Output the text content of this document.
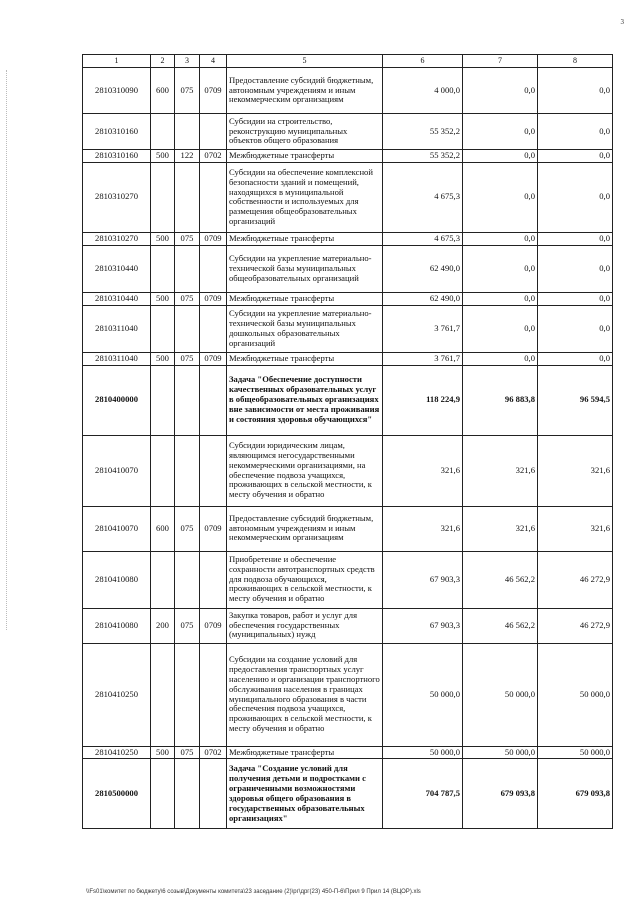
3
1	2	3	4	5	6	7	8
2810310090	600	075	0709	Предоставление субсидий бюджетным, автономным учреждениям и иным некоммерческим организациям	4 000,0	0,0	0,0
2810310160				Субсидии на строительство, реконструкцию муниципальных объектов общего образования	55 352,2	0,0	0,0
2810310160	500	122	0702	Межбюджетные трансферты	55 352,2	0,0	0,0
2810310270				Субсидии на обеспечение комплексной безопасности зданий и помещений, находящихся в муниципальной собственности и используемых для размещения общеобразовательных организаций	4 675,3	0,0	0,0
2810310270	500	075	0709	Межбюджетные трансферты	4 675,3	0,0	0,0
2810310440				Субсидии на укрепление материально-технической базы муниципальных общеобразовательных организаций	62 490,0	0,0	0,0
2810310440	500	075	0709	Межбюджетные трансферты	62 490,0	0,0	0,0
2810311040				Субсидии на укрепление материально-технической базы муниципальных дошкольных образовательных организаций	3 761,7	0,0	0,0
2810311040	500	075	0709	Межбюджетные трансферты	3 761,7	0,0	0,0
2810400000				Задача "Обеспечение доступности качественных образовательных услуг в общеобразовательных организациях вне зависимости от места проживания и состояния здоровья обучающихся"	118 224,9	96 883,8	96 594,5
2810410070				Субсидии юридическим лицам, являющимся негосударственными некоммерческими организациями, на обеспечение подвоза учащихся, проживающих в сельской местности, к месту обучения и обратно	321,6	321,6	321,6
2810410070	600	075	0709	Предоставление субсидий бюджетным, автономным учреждениям и иным некоммерческим организациям	321,6	321,6	321,6
2810410080				Приобретение и обеспечение сохранности автотранспортных средств для подвоза обучающихся, проживающих в сельской местности, к месту обучения и обратно	67 903,3	46 562,2	46 272,9
2810410080	200	075	0709	Закупка товаров, работ и услуг для обеспечения государственных (муниципальных) нужд	67 903,3	46 562,2	46 272,9
2810410250				Субсидии на создание условий для предоставления транспортных услуг населению и организации транспортного обслуживания населения в границах муниципального образования в части обеспечения подвоза учащихся, проживающих в сельской местности, к месту обучения и обратно	50 000,0	50 000,0	50 000,0
2810410250	500	075	0702	Межбюджетные трансферты	50 000,0	50 000,0	50 000,0
2810500000				Задача "Создание условий для получения детьми и подростками с ограниченными возможностями здоровья общего образования в государственных образовательных организациях"	704 787,5	679 093,8	679 093,8
\\Fs01\комитет по бюджету\6 созыв\Документы комитета\23 заседание (2)\рг\дрг(23) 450-П-6\Прил 9 Прил 14 (ВЦОР).xls
